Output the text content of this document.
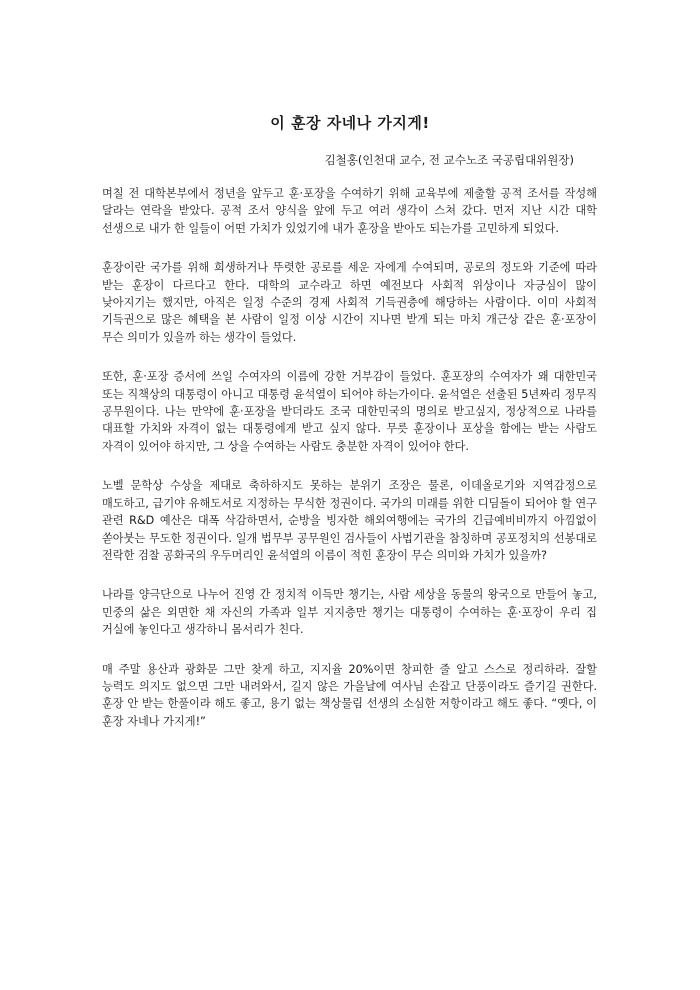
이 훈장 자네나 가지게!

김철홍(인천대 교수, 전 교수노조 국공립대위원장)

며칠 전 대학본부에서 정년을 앞두고 훈·포장을 수여하기 위해 교육부에 제출할 공적 조서를 작성해 달라는 연락을 받았다. 공적 조서 양식을 앞에 두고 여러 생각이 스쳐 갔다. 먼저 지난 시간 대학 선생으로 내가 한 일들이 어떤 가치가 있었기에 내가 훈장을 받아도 되는가를 고민하게 되었다.

훈장이란 국가를 위해 희생하거나 뚜렷한 공로를 세운 자에게 수여되며, 공로의 정도와 기준에 따라 받는 훈장이 다르다고 한다. 대학의 교수라고 하면 예전보다 사회적 위상이나 자긍심이 많이 낮아지기는 했지만, 아직은 일정 수준의 경제 사회적 기득권층에 해당하는 사람이다. 이미 사회적 기득권으로 많은 혜택을 본 사람이 일정 이상 시간이 지나면 받게 되는 마치 개근상 같은 훈·포장이 무슨 의미가 있을까 하는 생각이 들었다.

또한, 훈·포장 증서에 쓰일 수여자의 이름에 강한 거부감이 들었다. 훈포장의 수여자가 왜 대한민국 또는 직책상의 대통령이 아니고 대통령 윤석열이 되어야 하는가이다. 윤석열은 선출된 5년짜리 정무직 공무원이다. 나는 만약에 훈·포장을 받더라도 조국 대한민국의 명의로 받고싶지, 정상적으로 나라를 대표할 가치와 자격이 없는 대통령에게 받고 싶지 않다. 무릇 훈장이나 포상을 함에는 받는 사람도 자격이 있어야 하지만, 그 상을 수여하는 사람도 충분한 자격이 있어야 한다.

노벨 문학상 수상을 제대로 축하하지도 못하는 분위기 조장은 물론, 이데올로기와 지역감정으로 매도하고, 급기야 유해도서로 지정하는 무식한 정권이다. 국가의 미래를 위한 디딤돌이 되어야 할 연구 관련 R&D 예산은 대폭 삭감하면서, 순방을 빙자한 해외여행에는 국가의 긴급예비비까지 아낌없이 쏟아붓는 무도한 정권이다. 일개 법무부 공무원인 검사들이 사법기관을 참칭하며 공포정치의 선봉대로 전락한 검찰 공화국의 우두머리인 윤석열의 이름이 적힌 훈장이 무슨 의미와 가치가 있을까?

나라를 양극단으로 나누어 진영 간 정치적 이득만 챙기는, 사람 세상을 동물의 왕국으로 만들어 놓고, 민중의 삶은 외면한 채 자신의 가족과 일부 지지층만 챙기는 대통령이 수여하는 훈·포장이 우리 집 거실에 놓인다고 생각하니 몸서리가 친다.

매 주말 용산과 광화문 그만 찾게 하고, 지지율 20%이면 창피한 줄 알고 스스로 정리하라. 잘할 능력도 의지도 없으면 그만 내려와서, 길지 않은 가을날에 여사님 손잡고 단풍이라도 즐기길 권한다. 훈장 안 받는 한풀이라 해도 좋고, 용기 없는 책상물림 선생의 소심한 저항이라고 해도 좋다. “옛다, 이 훈장 자네나 가지게!”
